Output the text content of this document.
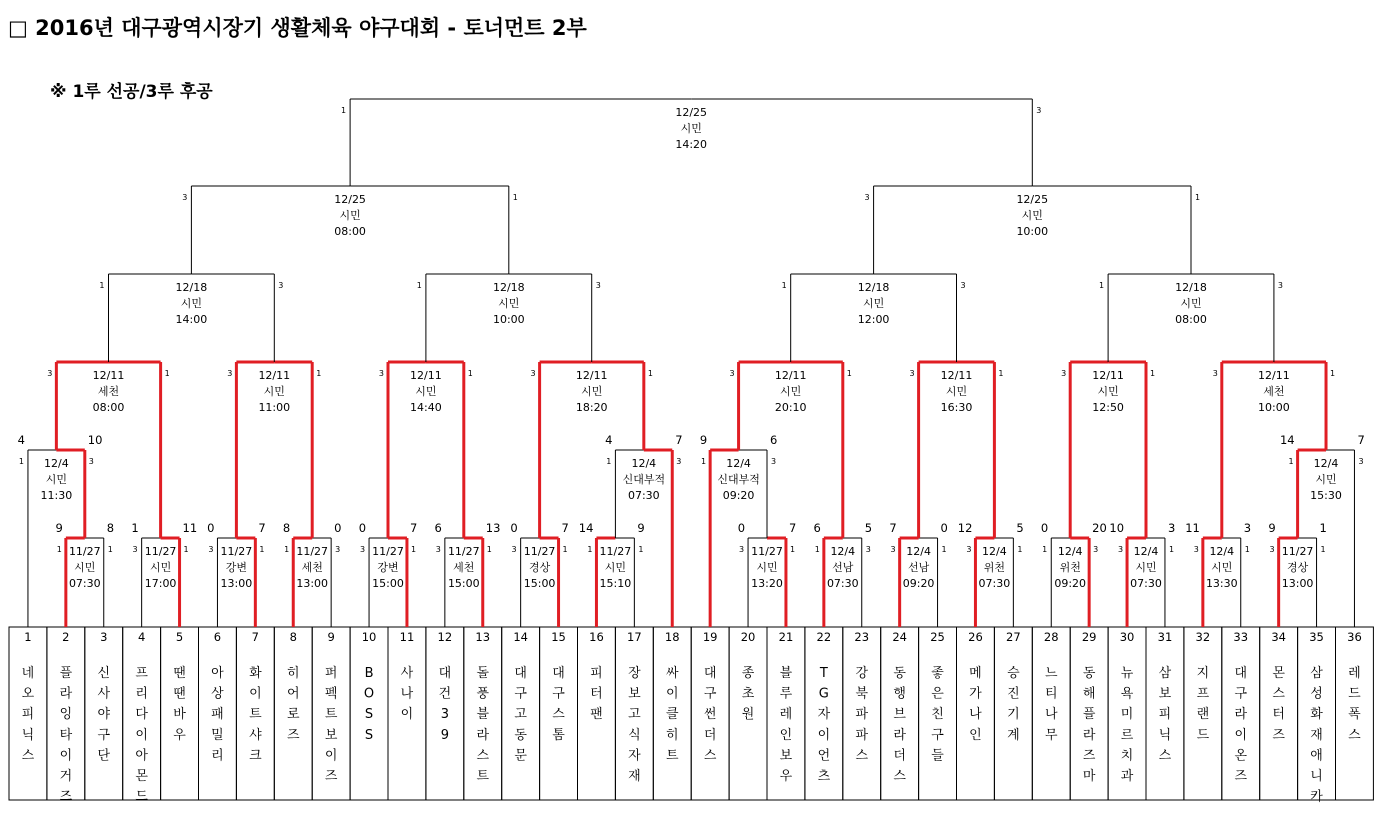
□ 2016년 대구광역시장기 생활체육 야구대회 - 토너먼트 2부
※ 1루 선공/3루 후공
1
네
오
피
닉
스
2
플
라
잉
타
이
거
즈
3
신
사
야
구
단
4
프
리
다
이
아
몬
드
5
땐
땐
바
우
6
아
상
패
밀
리
7
화
이
트
샤
크
8
히
어
로
즈
9
퍼
펙
트
보
이
즈
10
B
O
S
S
11
사
나
이
12
대
건
3
9
13
돌
풍
블
라
스
트
14
대
구
고
동
문
15
대
구
스
톰
16
피
터
팬
17
장
보
고
식
자
재
18
싸
이
클
히
트
19
대
구
썬
더
스
20
종
초
원
21
블
루
레
인
보
우
22
T
G
자
이
언
츠
23
강
북
파
파
스
24
동
행
브
라
더
스
25
좋
은
친
구
들
26
메
가
나
인
27
승
진
기
계
28
느
티
나
무
29
동
해
플
라
즈
마
30
뉴
욕
미
르
치
과
31
삼
보
피
닉
스
32
지
프
랜
드
33
대
구
라
이
온
즈
34
몬
스
터
즈
35
삼
성
화
재
애
니
카
36
레
드
폭
스
1	1
9	8
11/27
시민
07:30
3	1
1	11
11/27
시민
17:00
3	1
0	7
11/27
강변
13:00
1	3
8	0
11/27
세천
13:00
3	1
0	7
11/27
강변
15:00
3	1
6	13
11/27
세천
15:00
3	1
0	7
11/27
경상
15:00
1	1
14	9
11/27
시민
15:10
3	1
0	7
11/27
시민
13:20
1	3
6	5
12/4
선남
07:30
3	1
7	0
12/4
선남
09:20
3	1
12	5
12/4
위천
07:30
1	3
0	20
12/4
위천
09:20
3	1
10	3
12/4
시민
07:30
3	1
11	3
12/4
시민
13:30
3	1
9	1
11/27
경상
13:00
1	3
4	10
12/4
시민
11:30
1	3
4	7
12/4
신대부적
07:30
1	3
9	6
12/4
신대부적
09:20
1	3
14	7
12/4
시민
15:30
3	1
12/11
세천
08:00
3	1
12/11
시민
11:00
3	1
12/11
시민
14:40
3	1
12/11
시민
18:20
3	1
12/11
시민
20:10
3	1
12/11
시민
16:30
3	1
12/11
시민
12:50
3	1
12/11
세천
10:00
1	3
12/18
시민
14:00
1	3
12/18
시민
10:00
1	3
12/18
시민
12:00
1	3
12/18
시민
08:00
3	1
12/25
시민
08:00
3	1
12/25
시민
10:00
1	3
12/25
시민
14:20
